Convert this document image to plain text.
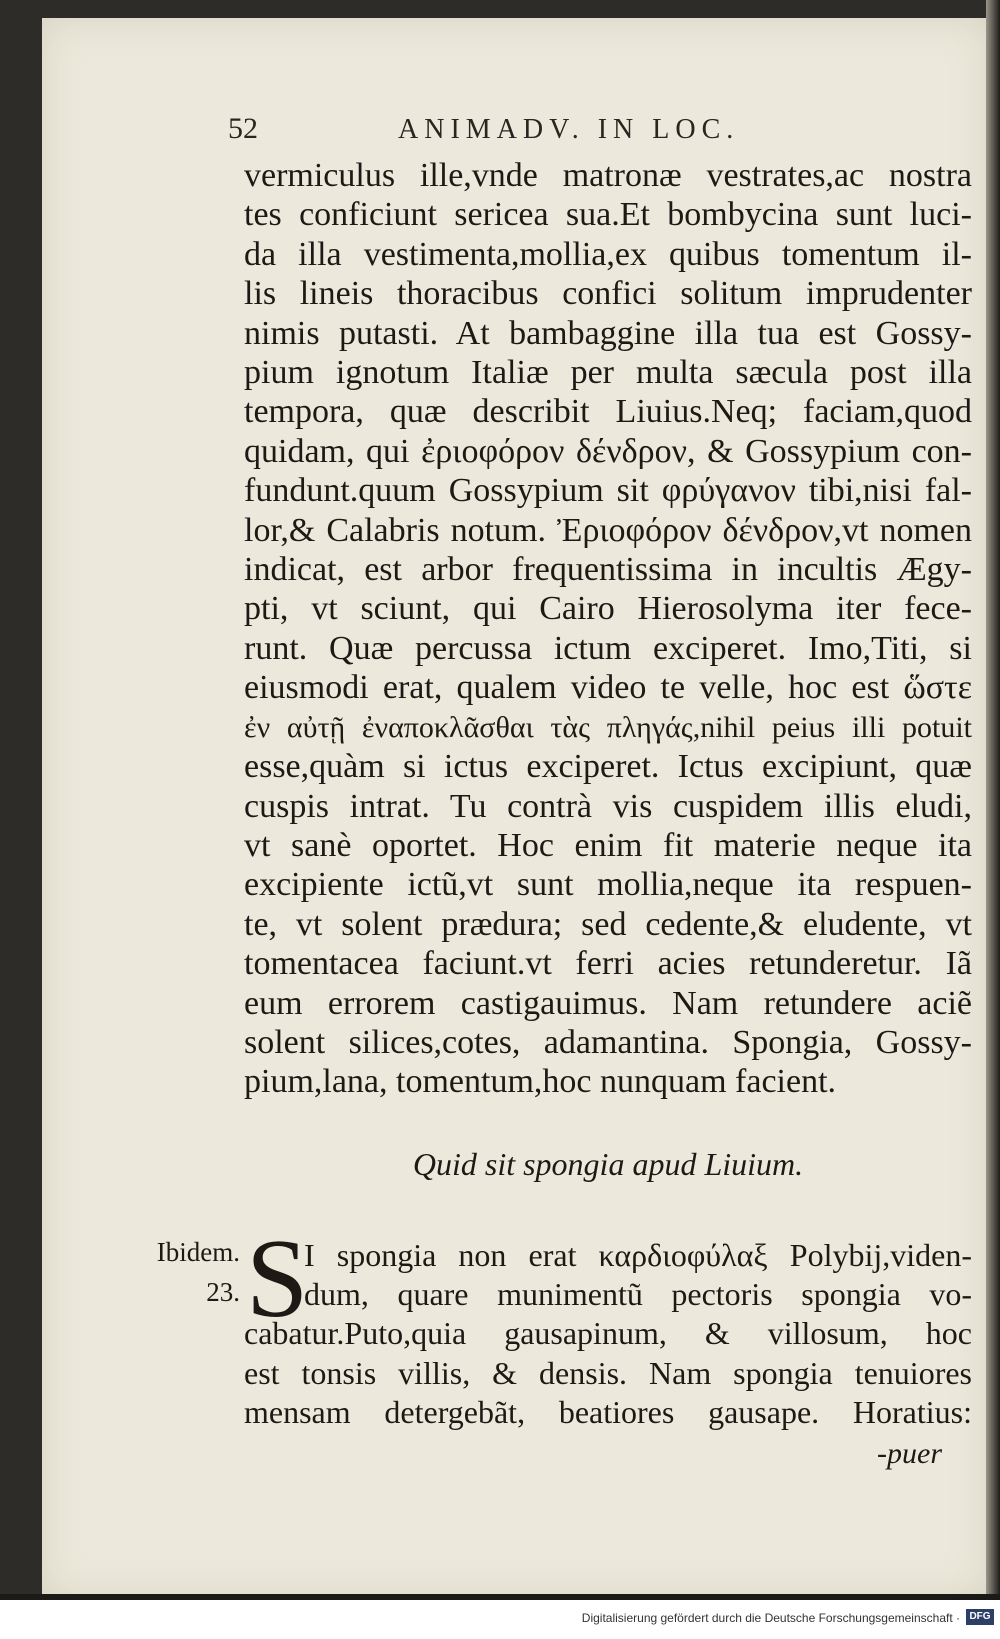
52	ANIMADV. IN LOC.
vermiculus ille,vnde matronæ vestrates,ac nostra
tes conficiunt sericea sua.Et bombycina sunt luci-
da illa vestimenta,mollia,ex quibus tomentum il-
lis lineis thoracibus confici solitum imprudenter
nimis putasti. At bambaggine illa tua est Gossy-
pium ignotum Italiæ per multa sæcula post illa
tempora, quæ describit Liuius.Neq; faciam,quod
quidam, qui ἐριοφόρον δένδρον, & Gossypium con-
fundunt.quum Gossypium sit φρύγανον tibi,nisi fal-
lor,& Calabris notum. Ἐριοφόρον δένδρον,vt nomen
indicat, est arbor frequentissima in incultis Ægy-
pti, vt sciunt, qui Cairo Hierosolyma iter fece-
runt. Quæ percussa ictum exciperet. Imo,Titi, si
eiusmodi erat, qualem video te velle, hoc est ὥστε
ἐν αὐτῇ ἐναποκλᾶσθαι τὰς πληγάς,nihil peius illi potuit
esse,quàm si ictus exciperet. Ictus excipiunt, quæ
cuspis intrat. Tu contrà vis cuspidem illis eludi,
vt sanè oportet. Hoc enim fit materie neque ita
excipiente ictũ,vt sunt mollia,neque ita respuen-
te, vt solent prædura; sed cedente,& eludente, vt
tomentacea faciunt.vt ferri acies retunderetur. Iã
eum errorem castigauimus. Nam retundere aciẽ
solent silices,cotes, adamantina. Spongia, Gossy-
pium,lana, tomentum,hoc nunquam facient.
Quid sit spongia apud Liuium.
Ibidem.
23. S
I spongia non erat καρδιοφύλαξ Polybij,viden-
dum, quare munimentũ pectoris spongia vo-
cabatur.Puto,quia gausapinum, & villosum, hoc
est tonsis villis, & densis. Nam spongia tenuiores
mensam detergebãt, beatiores gausape. Horatius:
-puer
Digitalisierung gefördert durch die Deutsche Forschungsgemeinschaft · DFG
